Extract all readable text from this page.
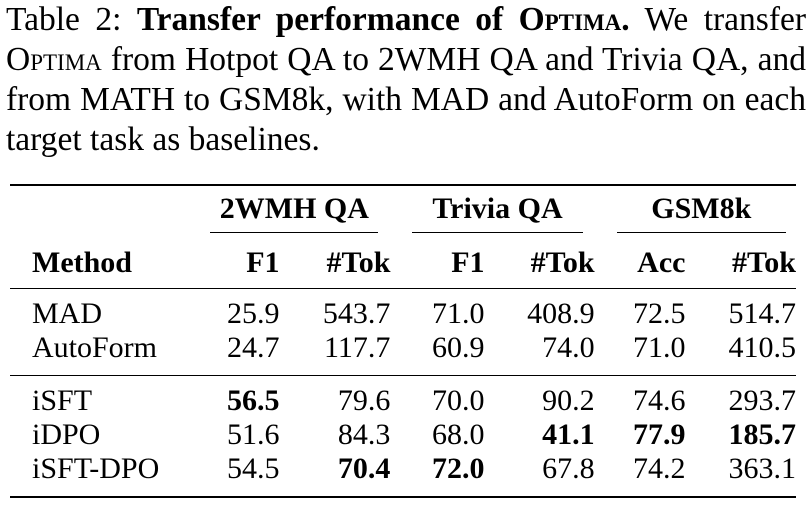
Table 2: Transfer performance of Optima. We transfer Optima from Hotpot QA to 2WMH QA and Trivia QA, and from MATH to GSM8k, with MAD and AutoForm on each target task as baselines.

	2WMH QA		Trivia QA		GSM8k	

Method	F1	#Tok	F1	#Tok	Acc	#Tok
MAD	25.9	543.7	71.0	408.9	72.5	514.7
AutoForm	24.7	117.7	60.9	74.0	71.0	410.5
iSFT	56.5	79.6	70.0	90.2	74.6	293.7
iDPO	51.6	84.3	68.0	41.1	77.9	185.7
iSFT-DPO	54.5	70.4	72.0	67.8	74.2	363.1
